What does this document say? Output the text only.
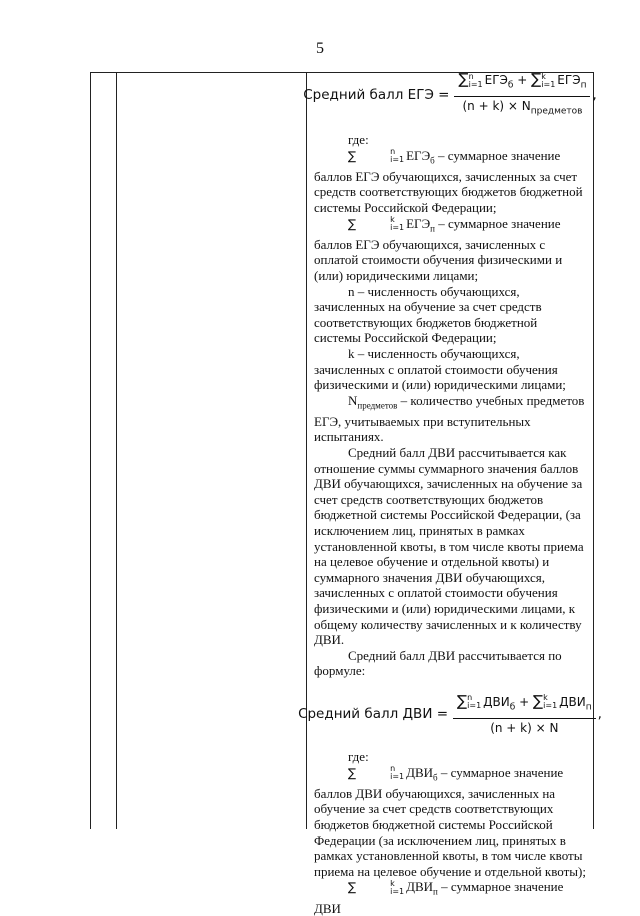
5
Средний балл ЕГЭ = ∑ n
i=1 $ЕГЭ_б$ + ∑ k
i=1 $ЕГЭ_п$
$(n + k) \times N_{предметов}$ ,

где:

∑	n
i=1 $ЕГЭ_б$ – суммарное значение баллов ЕГЭ обучающихся, зачисленных за счет средств соответствующих бюджетов бюджетной системы Российской Федерации;

∑	k
i=1 $ЕГЭ_п$ – суммарное значение баллов ЕГЭ обучающихся, зачисленных с оплатой стоимости обучения физическими и (или) юридическими лицами;

n – численность обучающихся, зачисленных на обучение за счет средств соответствующих бюджетов бюджетной системы Российской Федерации;

k – численность обучающихся, зачисленных с оплатой стоимости обучения физическими и (или) юридическими лицами;

$N_{предметов}$ – количество учебных предметов ЕГЭ, учитываемых при вступительных испытаниях.

Средний балл ДВИ рассчитывается как отношение суммы суммарного значения баллов ДВИ обучающихся, зачисленных на обучение за счет средств соответствующих бюджетов бюджетной системы Российской Федерации, (за исключением лиц, принятых в рамках установленной квоты, в том числе квоты приема на целевое обучение и отдельной квоты) и суммарного значения ДВИ обучающихся, зачисленных с оплатой стоимости обучения физическими и (или) юридическими лицами, к общему количеству зачисленных и к количеству ДВИ.

Средний балл ДВИ рассчитывается по формуле:

Средний балл ДВИ = ∑ n
i=1 $ДВИ_б$ + ∑ k
i=1 $ДВИ_п$
(n + k) × N ,

где:

∑	n
i=1 $ДВИ_б$ – суммарное значение баллов ДВИ обучающихся, зачисленных на обучение за счет средств соответствующих бюджетов бюджетной системы Российской Федерации (за исключением лиц, принятых в рамках установленной квоты, в том числе квоты приема на целевое обучение и отдельной квоты);

∑	k
i=1 $ДВИ_п$ – суммарное значение ДВИ
